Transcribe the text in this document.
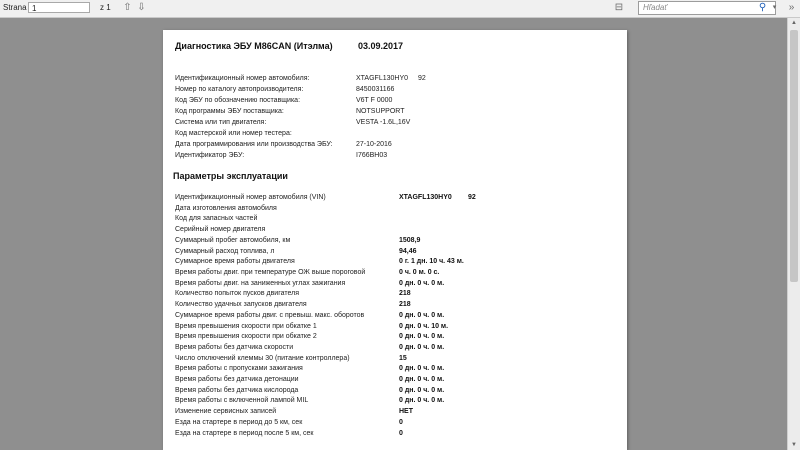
Strana 1	z 1 ⇧ ⇩	⊟	Hľadať	⚲ ▾	»
Диагностика ЭБУ М86CAN (Итэлма)	03.09.2017
Идентификационный номер автомобиля:	XTAGFL130HY0 92
Номер по каталогу автопроизводителя:	8450031166
Код ЭБУ по обозначению поставщика:	V6T F 0000
Код программы ЭБУ поставщика:	NOTSUPPORT
Система или тип двигателя:	VESTA -1.6L,16V
Код мастерской или номер тестера:
Дата программирования или производства ЭБУ:	27-10-2016
Идентификатор ЭБУ:	I766BH03
Параметры эксплуатации
Идентификационный номер автомобиля (VIN)	XTAGFL130HY0 92
Дата изготовления автомобиля
Код для запасных частей
Серийный номер двигателя
Суммарный пробег автомобиля, км	1508,9
Суммарный расход топлива, л	94,46
Суммарное время работы двигателя	0 г. 1 дн. 10 ч. 43 м.
Время работы двиг. при температуре ОЖ выше пороговой	0 ч. 0 м. 0 с.
Время работы двиг. на заниженных углах зажигания	0 дн. 0 ч. 0 м.
Количество попыток пусков двигателя	218
Количество удачных запусков двигателя	218
Суммарное время работы двиг. с превыш. макс. оборотов	0 дн. 0 ч. 0 м.
Время превышения скорости при обкатке 1	0 дн. 0 ч. 10 м.
Время превышения скорости при обкатке 2	0 дн. 0 ч. 0 м.
Время работы без датчика скорости	0 дн. 0 ч. 0 м.
Число отключений клеммы 30 (питание контроллера)	15
Время работы с пропусками зажигания	0 дн. 0 ч. 0 м.
Время работы без датчика детонации	0 дн. 0 ч. 0 м.
Время работы без датчика кислорода	0 дн. 0 ч. 0 м.
Время работы с включенной лампой MIL	0 дн. 0 ч. 0 м.
Изменение сервисных записей	НЕТ
Езда на стартере в период до 5 км, сек	0
Езда на стартере в период после 5 км, сек	0
▲
▼
